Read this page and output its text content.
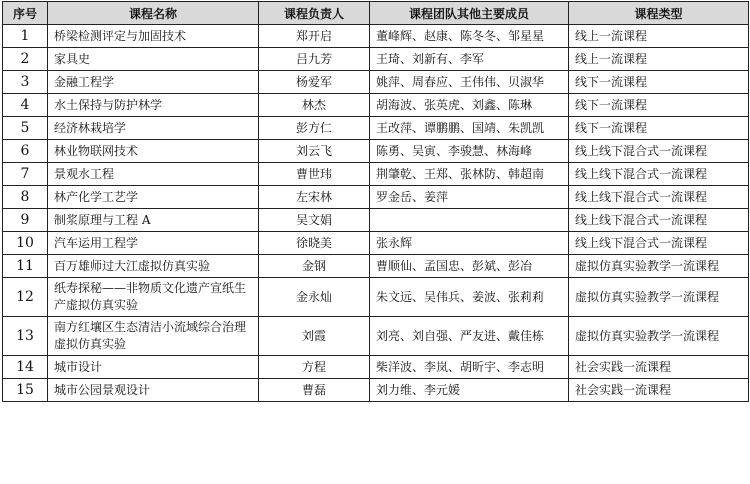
序号	课程名称	课程负责人	课程团队其他主要成员	课程类型
1	桥梁检测评定与加固技术	郑开启	董峰辉、赵康、陈冬冬、邹星星	线上一流课程
2	家具史	吕九芳	王琦、刘新有、李军	线上一流课程
3	金融工程学	杨爱军	姚萍、周春应、王伟伟、贝淑华	线下一流课程
4	水土保持与防护林学	林杰	胡海波、张英虎、刘鑫、陈琳	线下一流课程
5	经济林栽培学	彭方仁	王改萍、谭鹏鹏、国靖、朱凯凯	线下一流课程
6	林业物联网技术	刘云飞	陈勇、吴寅、李骏慧、林海峰	线上线下混合式一流课程
7	景观水工程	曹世玮	荆肇乾、王郑、张林防、韩超南	线上线下混合式一流课程
8	林产化学工艺学	左宋林	罗金岳、姜萍	线上线下混合式一流课程
9	制浆原理与工程 A	吴文娟		线上线下混合式一流课程
10	汽车运用工程学	徐晓美	张永辉	线上线下混合式一流课程
11	百万雄师过大江虚拟仿真实验	金钢	曹顺仙、孟国忠、彭斌、彭冶	虚拟仿真实验教学一流课程
12	纸寿探秘——非物质文化遗产宣纸生产虚拟仿真实验	金永灿	朱文远、吴伟兵、姜波、张莉莉	虚拟仿真实验教学一流课程
13	南方红壤区生态清洁小流域综合治理虚拟仿真实验	刘霞	刘亮、刘自强、严友进、戴佳栋	虚拟仿真实验教学一流课程
14	城市设计	方程	柴洋波、李岚、胡昕宇、李志明	社会实践一流课程
15	城市公园景观设计	曹磊	刘力维、李元媛	社会实践一流课程
